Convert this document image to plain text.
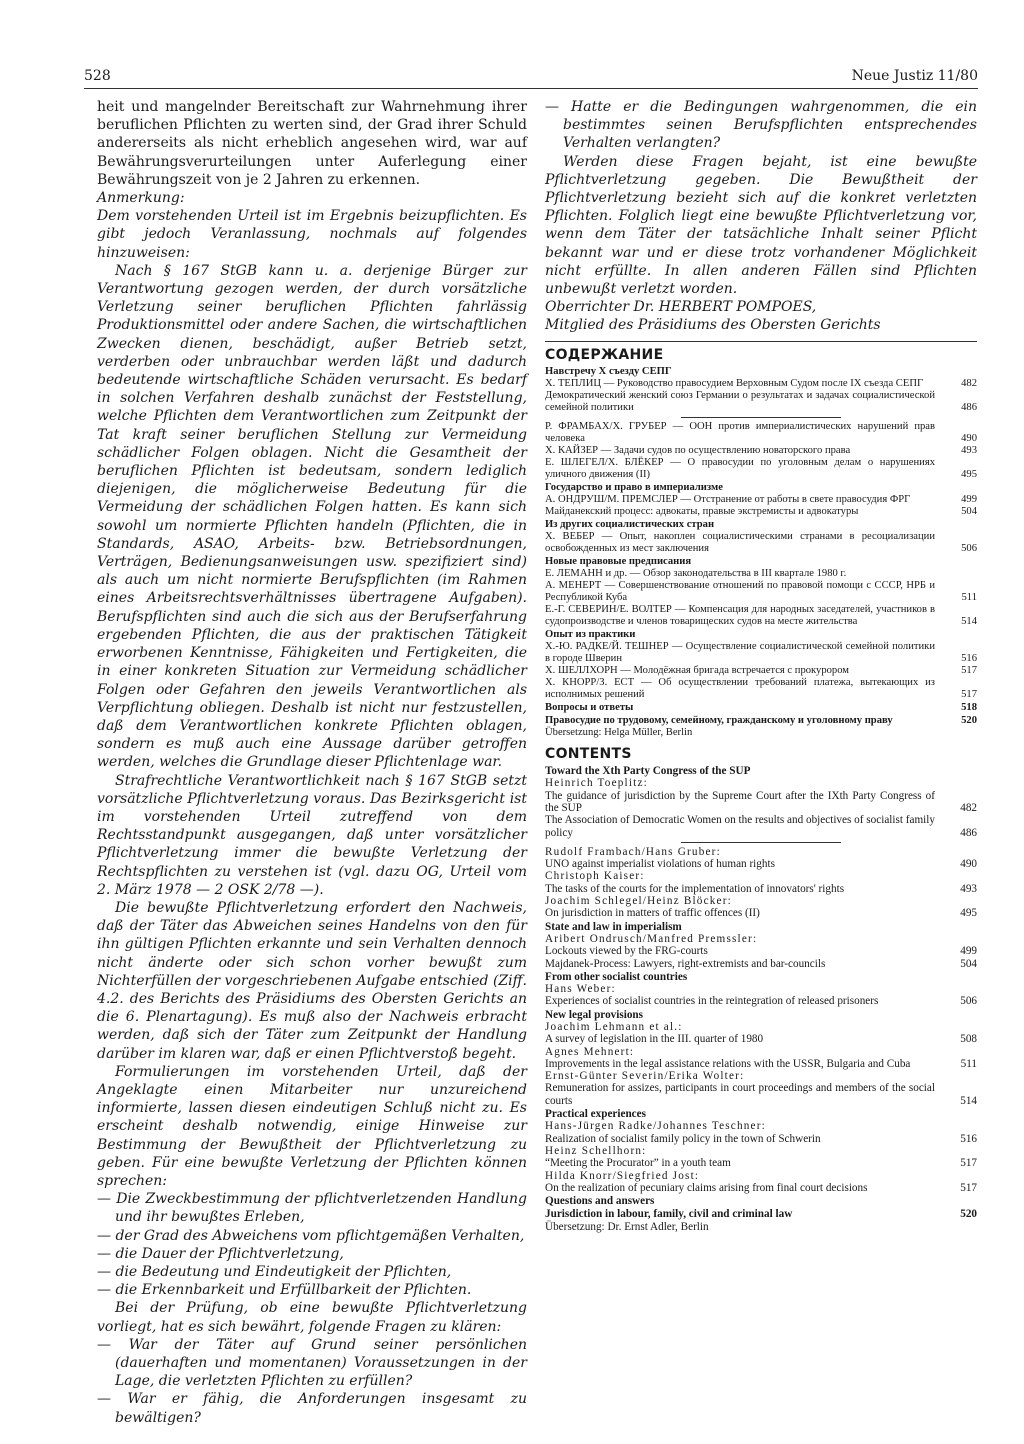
528	Neue Justiz 11/80

heit und mangelnder Bereitschaft zur Wahrnehmung ihrer beruflichen Pflichten zu werten sind, der Grad ihrer Schuld andererseits als nicht erheblich angesehen wird, war auf Bewährungsverurteilungen unter Auferlegung einer Bewährungszeit von je 2 Jahren zu erkennen.

Anmerkung:

Dem vorstehenden Urteil ist im Ergebnis beizupflichten. Es gibt jedoch Veranlassung, nochmals auf folgendes hinzuweisen:

Nach § 167 StGB kann u. a. derjenige Bürger zur Verantwortung gezogen werden, der durch vorsätzliche Verletzung seiner beruflichen Pflichten fahrlässig Produktionsmittel oder andere Sachen, die wirtschaftlichen Zwecken dienen, beschädigt, außer Betrieb setzt, verderben oder unbrauchbar werden läßt und dadurch bedeutende wirtschaftliche Schäden verursacht. Es bedarf in solchen Verfahren deshalb zunächst der Feststellung, welche Pflichten dem Verantwortlichen zum Zeitpunkt der Tat kraft seiner beruflichen Stellung zur Vermeidung schädlicher Folgen oblagen. Nicht die Gesamtheit der beruflichen Pflichten ist bedeutsam, sondern lediglich diejenigen, die möglicherweise Bedeutung für die Vermeidung der schädlichen Folgen hatten. Es kann sich sowohl um normierte Pflichten handeln (Pflichten, die in Standards, ASAO, Arbeits- bzw. Betriebsordnungen, Verträgen, Bedienungsanweisungen usw. spezifiziert sind) als auch um nicht normierte Berufspflichten (im Rahmen eines Arbeitsrechtsverhältnisses übertragene Aufgaben). Berufspflichten sind auch die sich aus der Berufserfahrung ergebenden Pflichten, die aus der praktischen Tätigkeit erworbenen Kenntnisse, Fähigkeiten und Fertigkeiten, die in einer konkreten Situation zur Vermeidung schädlicher Folgen oder Gefahren den jeweils Verantwortlichen als Verpflichtung obliegen. Deshalb ist nicht nur festzustellen, daß dem Verantwortlichen konkrete Pflichten oblagen, sondern es muß auch eine Aussage darüber getroffen werden, welches die Grundlage dieser Pflichtenlage war.

Strafrechtliche Verantwortlichkeit nach § 167 StGB setzt vorsätzliche Pflichtverletzung voraus. Das Bezirksgericht ist im vorstehenden Urteil zutreffend von dem Rechtsstandpunkt ausgegangen, daß unter vorsätzlicher Pflichtverletzung immer die bewußte Verletzung der Rechtspflichten zu verstehen ist (vgl. dazu OG, Urteil vom 2. März 1978 — 2 OSK 2/78 —).

Die bewußte Pflichtverletzung erfordert den Nachweis, daß der Täter das Abweichen seines Handelns von den für ihn gültigen Pflichten erkannte und sein Verhalten dennoch nicht änderte oder sich schon vorher bewußt zum Nichterfüllen der vorgeschriebenen Aufgabe entschied (Ziff. 4.2. des Berichts des Präsidiums des Obersten Gerichts an die 6. Plenartagung). Es muß also der Nachweis erbracht werden, daß sich der Täter zum Zeitpunkt der Handlung darüber im klaren war, daß er einen Pflichtverstoß begeht.

Formulierungen im vorstehenden Urteil, daß der Angeklagte einen Mitarbeiter nur unzureichend informierte, lassen diesen eindeutigen Schluß nicht zu. Es erscheint deshalb notwendig, einige Hinweise zur Bestimmung der Bewußtheit der Pflichtverletzung zu geben. Für eine bewußte Verletzung der Pflichten können sprechen:

— Die Zweckbestimmung der pflichtverletzenden Handlung und ihr bewußtes Erleben,

— der Grad des Abweichens vom pflichtgemäßen Verhalten,

— die Dauer der Pflichtverletzung,

— die Bedeutung und Eindeutigkeit der Pflichten,

— die Erkennbarkeit und Erfüllbarkeit der Pflichten.

Bei der Prüfung, ob eine bewußte Pflichtverletzung vorliegt, hat es sich bewährt, folgende Fragen zu klären:

— War der Täter auf Grund seiner persönlichen (dauerhaften und momentanen) Voraussetzungen in der Lage, die verletzten Pflichten zu erfüllen?

— War er fähig, die Anforderungen insgesamt zu bewältigen?

— Hatte er die Bedingungen wahrgenommen, die ein bestimmtes seinen Berufspflichten entsprechendes Verhalten verlangten?

Werden diese Fragen bejaht, ist eine bewußte Pflichtverletzung gegeben. Die Bewußtheit der Pflichtverletzung bezieht sich auf die konkret verletzten Pflichten. Folglich liegt eine bewußte Pflichtverletzung vor, wenn dem Täter der tatsächliche Inhalt seiner Pflicht bekannt war und er diese trotz vorhandener Möglichkeit nicht erfüllte. In allen anderen Fällen sind Pflichten unbewußt verletzt worden.

Oberrichter Dr. HERBERT POMPOES,

Mitglied des Präsidiums des Obersten Gerichts

СОДЕРЖАНИЕ
Навстречу X съезду СЕПГ
Х. ТЕПЛИЦ — Руководство правосудием Верховным Судом после IX съезда СЕПГ	482
Демократический женский союз Германии о результатах и задачах социалистической семейной политики	486
Р. ФРАМБАХ/Х. ГРУБЕР — ООН против империалистических нарушений прав человека	490
Х. КАЙЗЕР — Задачи судов по осуществлению новаторского права	493
Е. ШЛЕГЕЛ/Х. БЛЁКЕР — О правосудии по уголовным делам о нарушениях уличного движения (II)	495
Государство и право в империализме
А. ОНДРУШ/М. ПРЕМСЛЕР — Отстранение от работы в свете правосудия ФРГ	499
Майданекский процесс: адвокаты, правые экстремисты и адвокатуры	504
Из других социалистических стран
Х. ВЕБЕР — Опыт, накоплен социалистическими странами в ресоциализации освобожденных из мест заключения	506
Новые правовые предписания
Е. ЛЕМАНН и др. — Обзор законодательства в III квартале 1980 г.
А. МЕНЕРТ — Совершенствование отношений по правовой помощи с СССР, НРБ и Республикой Куба	511
Е.-Г. СЕВЕРИН/Е. ВОЛТЕР — Компенсация для народных заседателей, участников в судопроизводстве и членов товарищеских судов на месте жительства	514
Опыт из практики
Х.-Ю. РАДКЕ/Й. ТЕШНЕР — Осуществление социалистической семейной политики в городе Шверин	516
Х. ШЕЛЛХОРН — Молодёжная бригада встречается с прокурором	517
Х. КНОРР/З. ЕСТ — Об осуществлении требований платежа, вытекающих из исполнимых решений	517
Вопросы и ответы	518
Правосудие по трудовому, семейному, гражданскому и уголовному праву	520
Übersetzung: Helga Müller, Berlin
CONTENTS
Toward the Xth Party Congress of the SUP
Heinrich Toeplitz:
The guidance of jurisdiction by the Supreme Court after the IXth Party Congress of the SUP	482
The Association of Democratic Women on the results and objectives of socialist family policy	486
Rudolf Frambach/Hans Gruber:
UNO against imperialist violations of human rights	490
Christoph Kaiser:
The tasks of the courts for the implementation of innovators' rights	493
Joachim Schlegel/Heinz Blöcker:
On jurisdiction in matters of traffic offences (II)	495
State and law in imperialism
Aribert Ondrusch/Manfred Premssler:
Lockouts viewed by the FRG-courts	499
Majdanek-Process: Lawyers, right-extremists and bar-councils	504
From other socialist countries
Hans Weber:
Experiences of socialist countries in the reintegration of released prisoners	506
New legal provisions
Joachim Lehmann et al.:
A survey of legislation in the III. quarter of 1980	508
Agnes Mehnert:
Improvements in the legal assistance relations with the USSR, Bulgaria and Cuba	511
Ernst-Günter Severin/Erika Wolter:
Remuneration for assizes, participants in court proceedings and members of the social courts	514
Practical experiences
Hans-Jürgen Radke/Johannes Teschner:
Realization of socialist family policy in the town of Schwerin	516
Heinz Schellhorn:
“Meeting the Procurator” in a youth team	517
Hilda Knorr/Siegfried Jost:
On the realization of pecuniary claims arising from final court decisions	517
Questions and answers
Jurisdiction in labour, family, civil and criminal law	520
Übersetzung: Dr. Ernst Adler, Berlin
